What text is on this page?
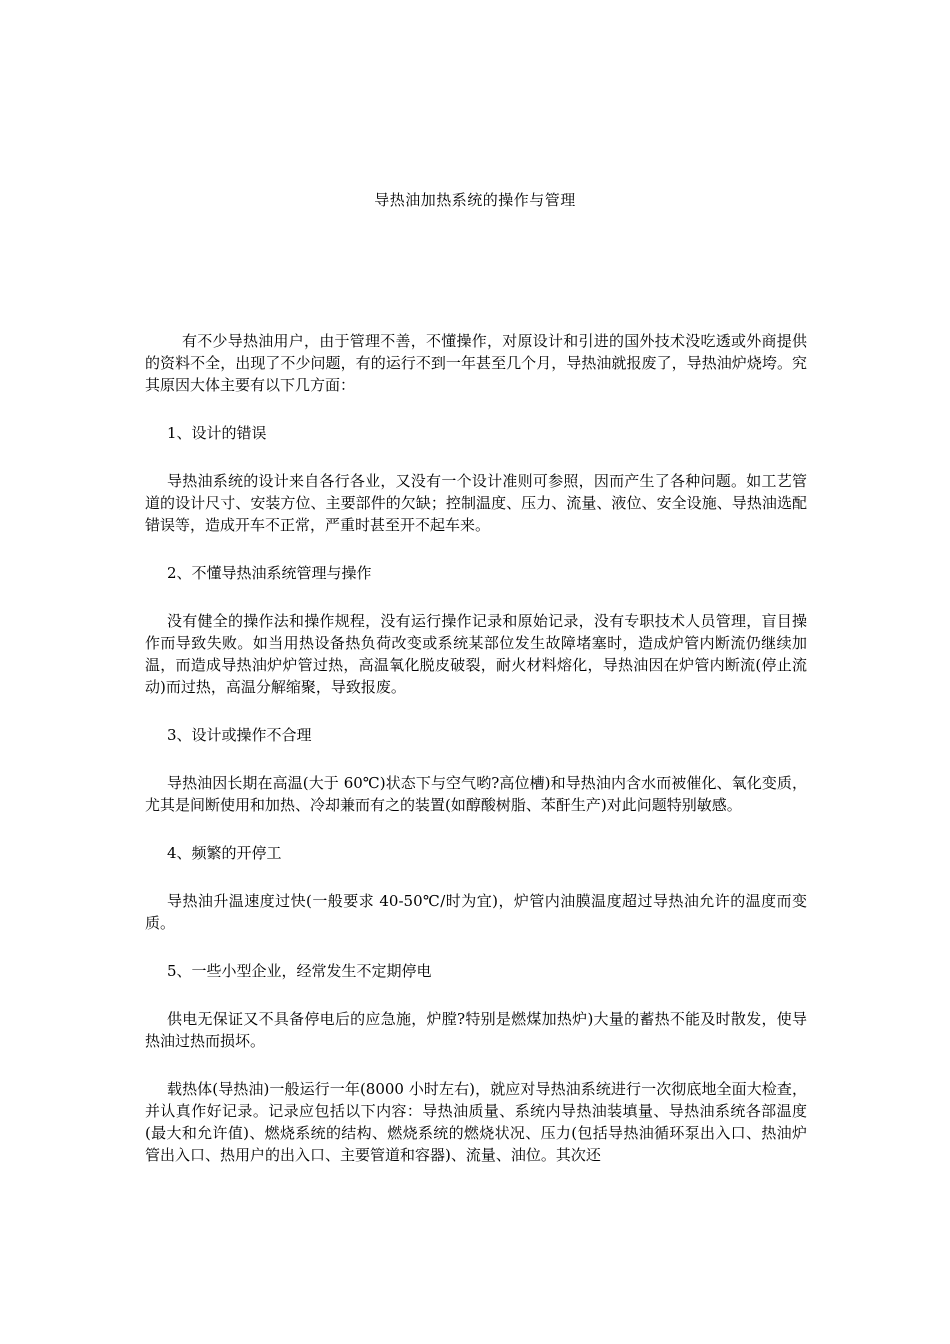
导热油加热系统的操作与管理

有不少导热油用户，由于管理不善，不懂操作，对原设计和引进的国外技术没吃透或外商提供的资料不全，出现了不少问题，有的运行不到一年甚至几个月，导热油就报废了，导热油炉烧垮。究其原因大体主要有以下几方面：

1、设计的错误

导热油系统的设计来自各行各业，又没有一个设计准则可参照，因而产生了各种问题。如工艺管道的设计尺寸、安装方位、主要部件的欠缺；控制温度、压力、流量、液位、安全设施、导热油选配错误等，造成开车不正常，严重时甚至开不起车来。

2、不懂导热油系统管理与操作

没有健全的操作法和操作规程，没有运行操作记录和原始记录，没有专职技术人员管理，盲目操作而导致失败。如当用热设备热负荷改变或系统某部位发生故障堵塞时，造成炉管内断流仍继续加温，而造成导热油炉炉管过热，高温氧化脱皮破裂，耐火材料熔化，导热油因在炉管内断流(停止流动)而过热，高温分解缩聚，导致报废。

3、设计或操作不合理

导热油因长期在高温(大于 60℃)状态下与空气哟?高位槽)和导热油内含水而被催化、氧化变质，尤其是间断使用和加热、冷却兼而有之的装置(如醇酸树脂、苯酐生产)对此问题特别敏感。

4、频繁的开停工

导热油升温速度过快(一般要求 40-50℃/时为宜)，炉管内油膜温度超过导热油允许的温度而变质。

5、一些小型企业，经常发生不定期停电

供电无保证又不具备停电后的应急施，炉膛?特别是燃煤加热炉)大量的蓄热不能及时散发，使导热油过热而损坏。

载热体(导热油)一般运行一年(8000 小时左右)，就应对导热油系统进行一次彻底地全面大检查，并认真作好记录。记录应包括以下内容：导热油质量、系统内导热油装填量、导热油系统各部温度(最大和允许值)、燃烧系统的结构、燃烧系统的燃烧状况、压力(包括导热油循环泵出入口、热油炉管出入口、热用户的出入口、主要管道和容器)、流量、油位。其次还
